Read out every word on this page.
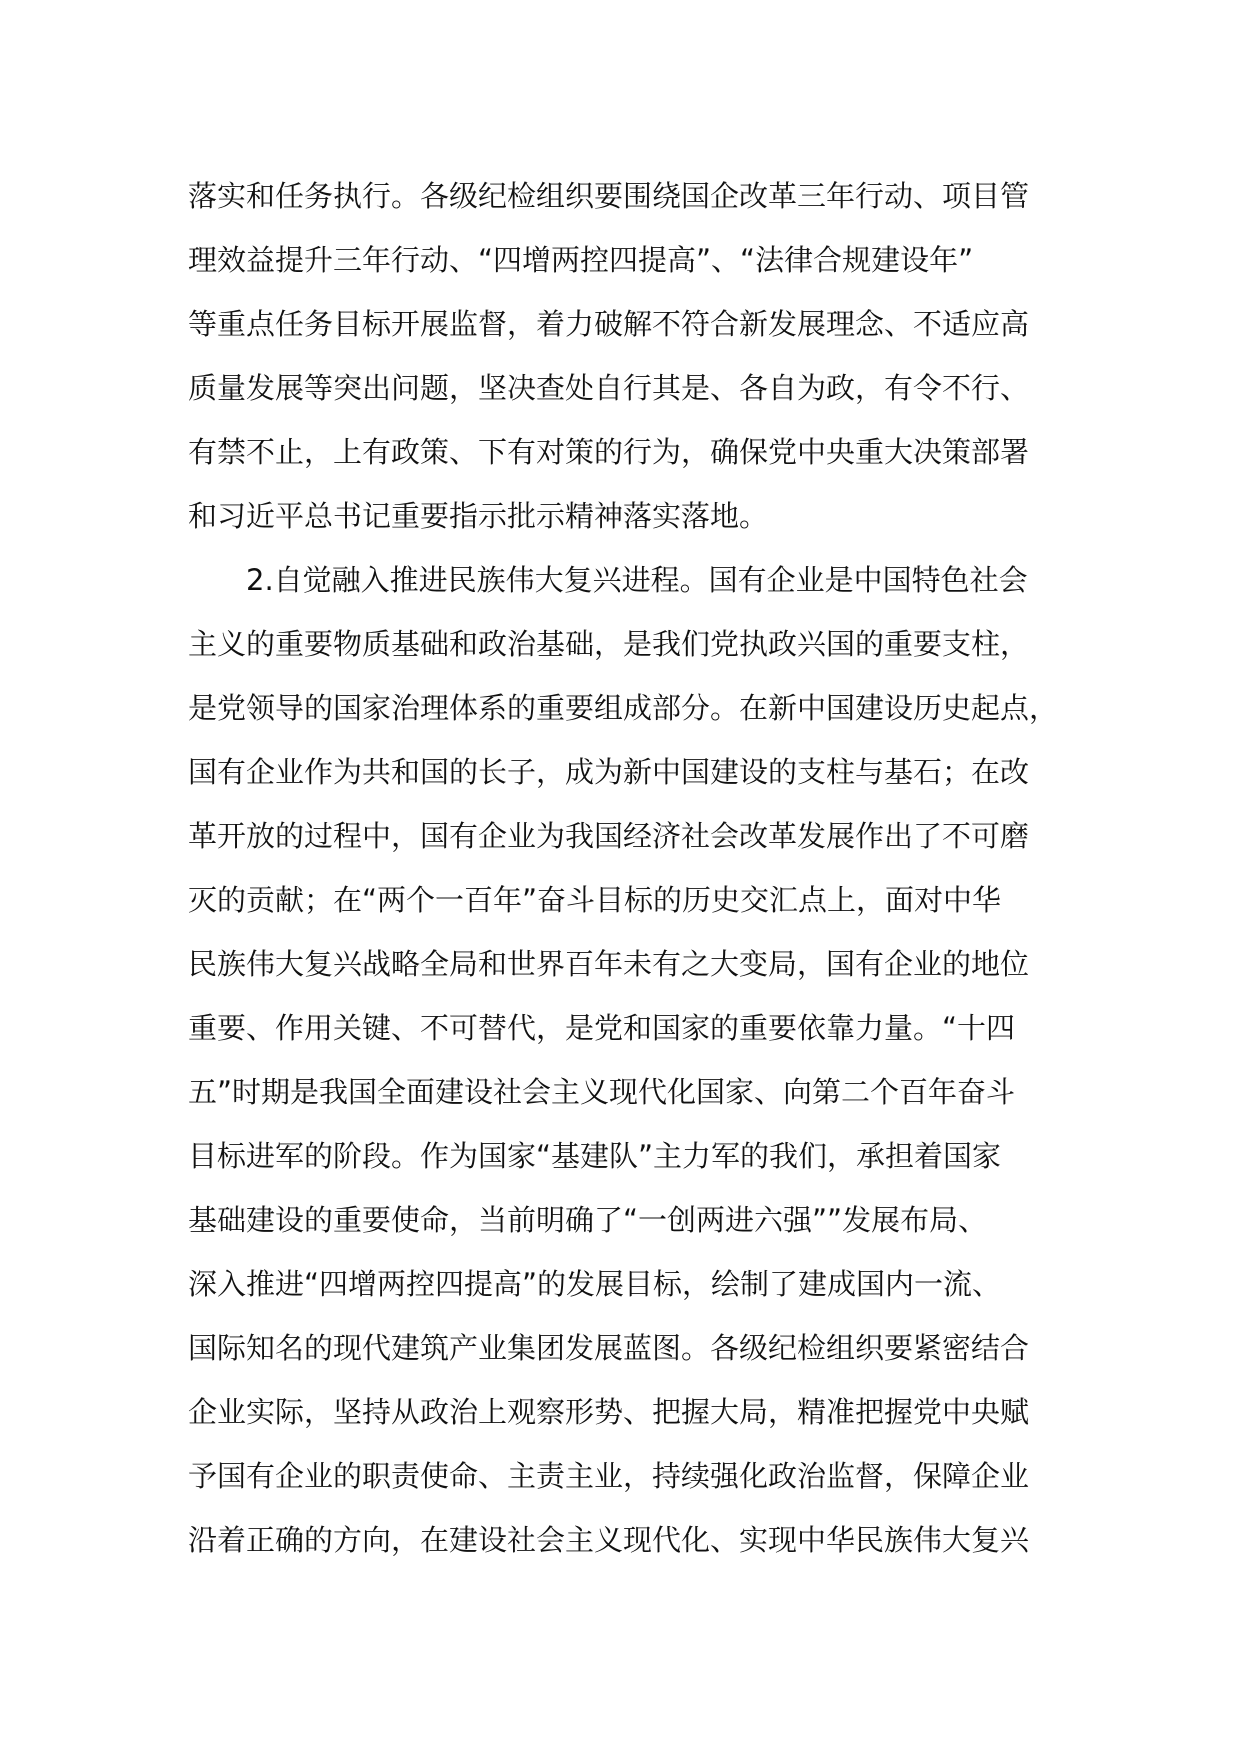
落实和任务执行。各级纪检组织要围绕国企改革三年行动、项目管
理效益提升三年行动、“四增两控四提高”、“法律合规建设年”
等重点任务目标开展监督，着力破解不符合新发展理念、不适应高
质量发展等突出问题，坚决查处自行其是、各自为政，有令不行、
有禁不止，上有政策、下有对策的行为，确保党中央重大决策部署
和习近平总书记重要指示批示精神落实落地。
2.自觉融入推进民族伟大复兴进程。国有企业是中国特色社会
主义的重要物质基础和政治基础，是我们党执政兴国的重要支柱，
是党领导的国家治理体系的重要组成部分。在新中国建设历史起点，
国有企业作为共和国的长子，成为新中国建设的支柱与基石；在改
革开放的过程中，国有企业为我国经济社会改革发展作出了不可磨
灭的贡献；在“两个一百年”奋斗目标的历史交汇点上，面对中华
民族伟大复兴战略全局和世界百年未有之大变局，国有企业的地位
重要、作用关键、不可替代，是党和国家的重要依靠力量。“十四
五”时期是我国全面建设社会主义现代化国家、向第二个百年奋斗
目标进军的阶段。作为国家“基建队”主力军的我们，承担着国家
基础建设的重要使命，当前明确了“一创两进六强””发展布局、
深入推进“四增两控四提高”的发展目标，绘制了建成国内一流、
国际知名的现代建筑产业集团发展蓝图。各级纪检组织要紧密结合
企业实际，坚持从政治上观察形势、把握大局，精准把握党中央赋
予国有企业的职责使命、主责主业，持续强化政治监督，保障企业
沿着正确的方向，在建设社会主义现代化、实现中华民族伟大复兴
